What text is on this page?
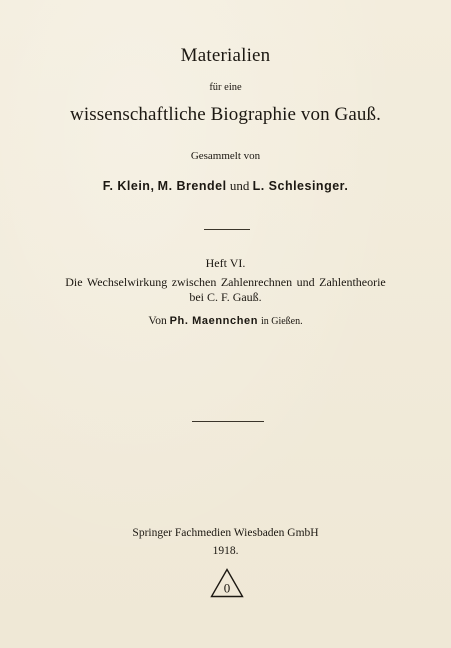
Materialien
für eine
wissenschaftliche Biographie von Gauß.
Gesammelt von
F. Klein, M. Brendel und L. Schlesinger.
Heft VI.
Die Wechselwirkung zwischen Zahlenrechnen und Zahlentheorie
bei C. F. Gauß.
Von Ph. Maennchen in Gießen.
Springer Fachmedien Wiesbaden GmbH
1918.
0
